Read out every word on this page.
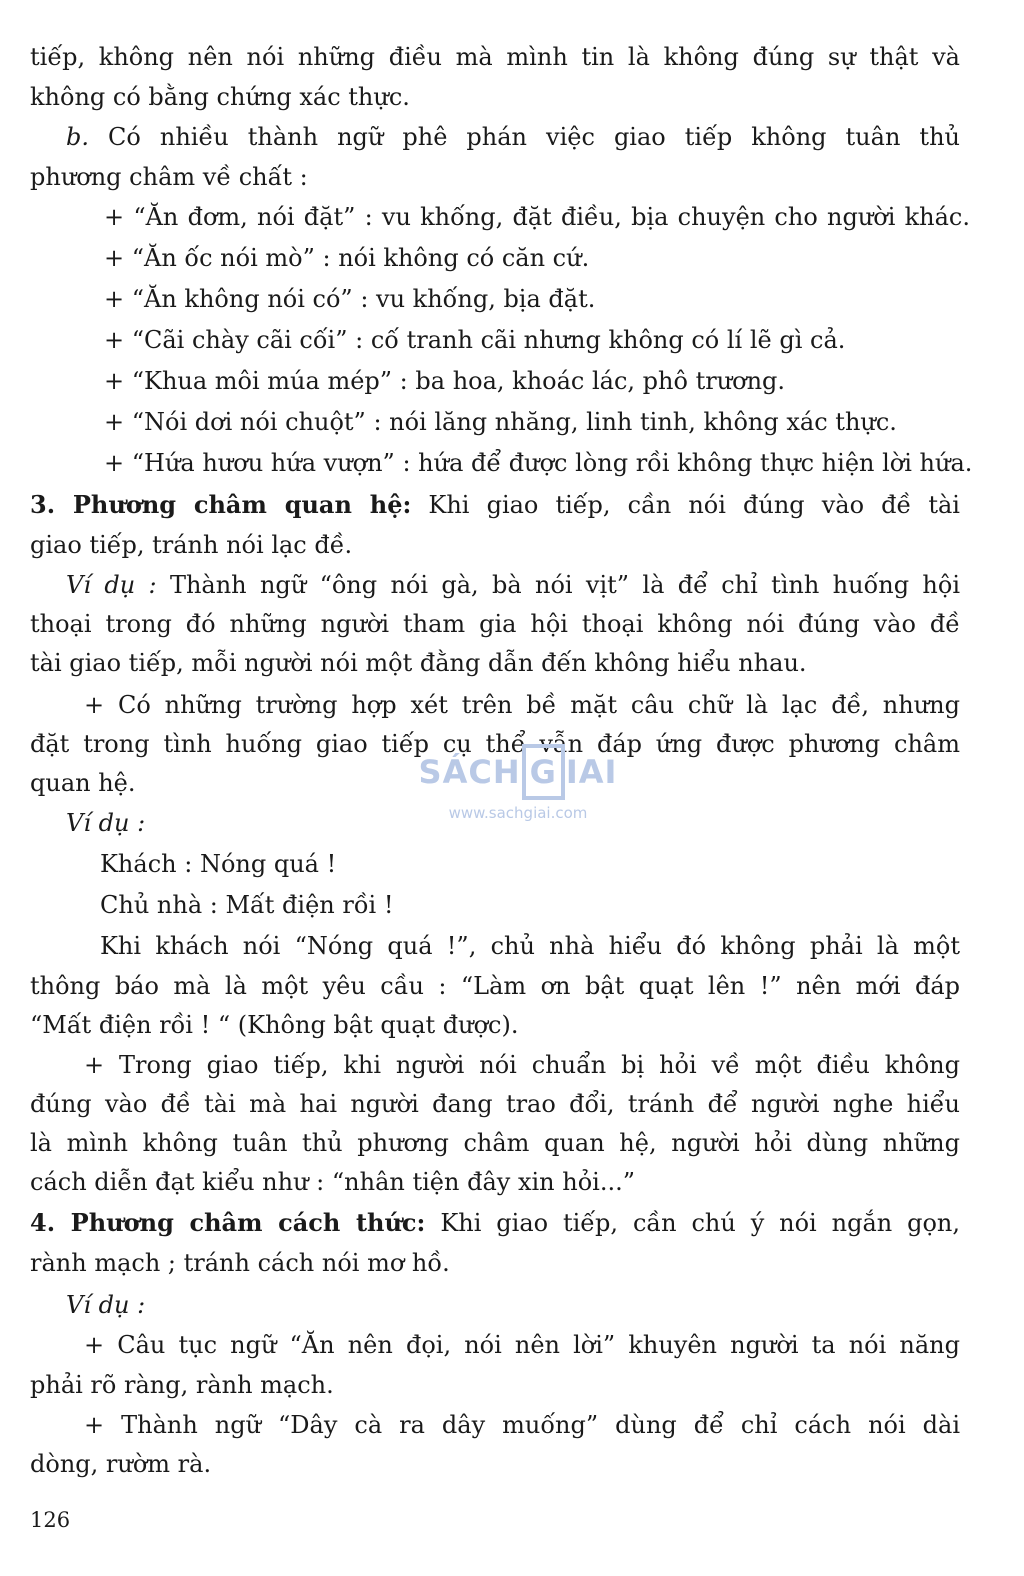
tiếp, không nên nói những điều mà mình tin là không đúng sự thật và
không có bằng chứng xác thực.
b. Có nhiều thành ngữ phê phán việc giao tiếp không tuân thủ
phương châm về chất :
+ “Ăn đơm, nói đặt” : vu khống, đặt điều, bịa chuyện cho người khác.
+ “Ăn ốc nói mò” : nói không có căn cứ.
+ “Ăn không nói có” : vu khống, bịa đặt.
+ “Cãi chày cãi cối” : cố tranh cãi nhưng không có lí lẽ gì cả.
+ “Khua môi múa mép” : ba hoa, khoác lác, phô trương.
+ “Nói dơi nói chuột” : nói lăng nhăng, linh tinh, không xác thực.
+ “Hứa hươu hứa vượn” : hứa để được lòng rồi không thực hiện lời hứa.
3. Phương châm quan hệ: Khi giao tiếp, cần nói đúng vào đề tài
giao tiếp, tránh nói lạc đề.
Ví dụ : Thành ngữ “ông nói gà, bà nói vịt” là để chỉ tình huống hội
thoại trong đó những người tham gia hội thoại không nói đúng vào đề
tài giao tiếp, mỗi người nói một đằng dẫn đến không hiểu nhau.
+ Có những trường hợp xét trên bề mặt câu chữ là lạc đề, nhưng
đặt trong tình huống giao tiếp cụ thể vẫn đáp ứng được phương châm
quan hệ.
Ví dụ :
Khách : Nóng quá !
Chủ nhà : Mất điện rồi !
Khi khách nói “Nóng quá !”, chủ nhà hiểu đó không phải là một
thông báo mà là một yêu cầu : “Làm ơn bật quạt lên !” nên mới đáp
“Mất điện rồi ! “ (Không bật quạt được).
+ Trong giao tiếp, khi người nói chuẩn bị hỏi về một điều không
đúng vào đề tài mà hai người đang trao đổi, tránh để người nghe hiểu
là mình không tuân thủ phương châm quan hệ, người hỏi dùng những
cách diễn đạt kiểu như : “nhân tiện đây xin hỏi...”
4. Phương châm cách thức: Khi giao tiếp, cần chú ý nói ngắn gọn,
rành mạch ; tránh cách nói mơ hồ.
Ví dụ :
+ Câu tục ngữ “Ăn nên đọi, nói nên lời” khuyên người ta nói năng
phải rõ ràng, rành mạch.
+ Thành ngữ “Dây cà ra dây muống” dùng để chỉ cách nói dài
dòng, rườm rà.
SÁCH G IAI
www.sachgiai.com
126
